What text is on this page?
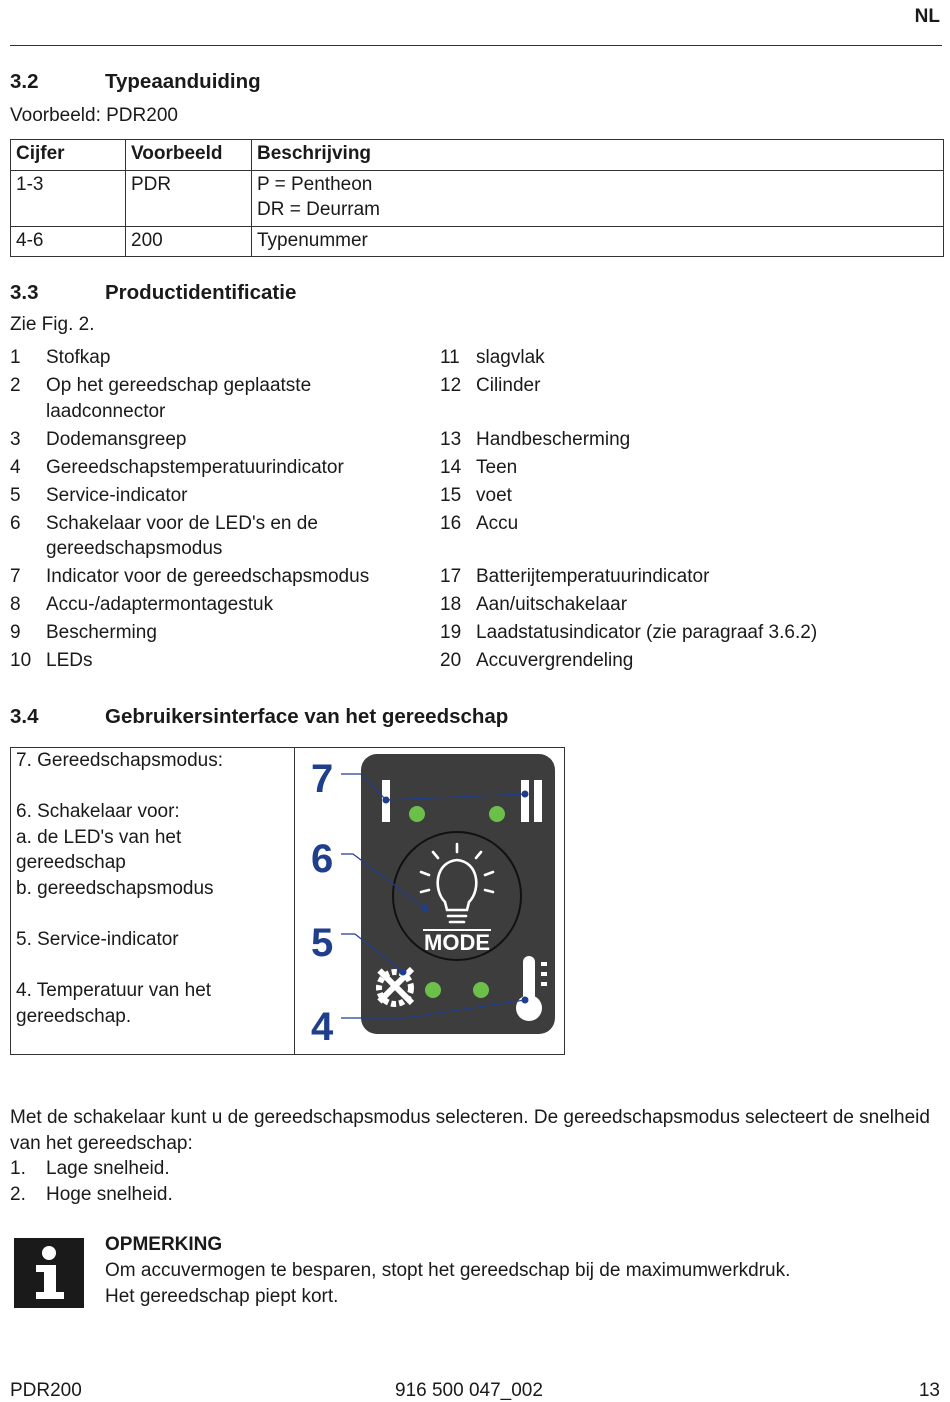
NL
3.2	Typeaanduiding
Voorbeeld: PDR200
Cijfer	Voorbeeld	Beschrijving
1-3	PDR	P = Pentheon
DR = Deurram

4-6	200	Typenummer
3.3	Productidentificatie
Zie Fig. 2.
1	Stofkap	11 slagvlak
2	Op het gereedschap geplaatste laadconnector
12 Cilinder
3	Dodemansgreep	13 Handbescherming
4	Gereedschapstemperatuurindicator	14 Teen
5	Service-indicator	15 voet
6	Schakelaar voor de LED's en de gereedschapsmodus
16 Accu
7	Indicator voor de gereedschapsmodus	17 Batterijtemperatuurindicator
8	Accu-/adaptermontagestuk	18 Aan/uitschakelaar
9	Bescherming	19 Laadstatusindicator (zie paragraaf 3.6.2)
10 LEDs	20 Accuvergrendeling
3.4	Gebruikersinterface van het gereedschap
7. Gereedschapsmodus:
6. Schakelaar voor:
a. de LED's van het gereedschap
b. gereedschapsmodus
5. Service-indicator
4. Temperatuur van het gereedschap.
MODE
7
6
5
4
Met de schakelaar kunt u de gereedschapsmodus selecteren. De gereedschapsmodus selecteert de snelheid van het gereedschap:
1. Lage snelheid.
2. Hoge snelheid.
OPMERKING
Om accuvermogen te besparen, stopt het gereedschap bij de maximumwerkdruk.
Het gereedschap piept kort.
PDR200	916 500 047_002	13
